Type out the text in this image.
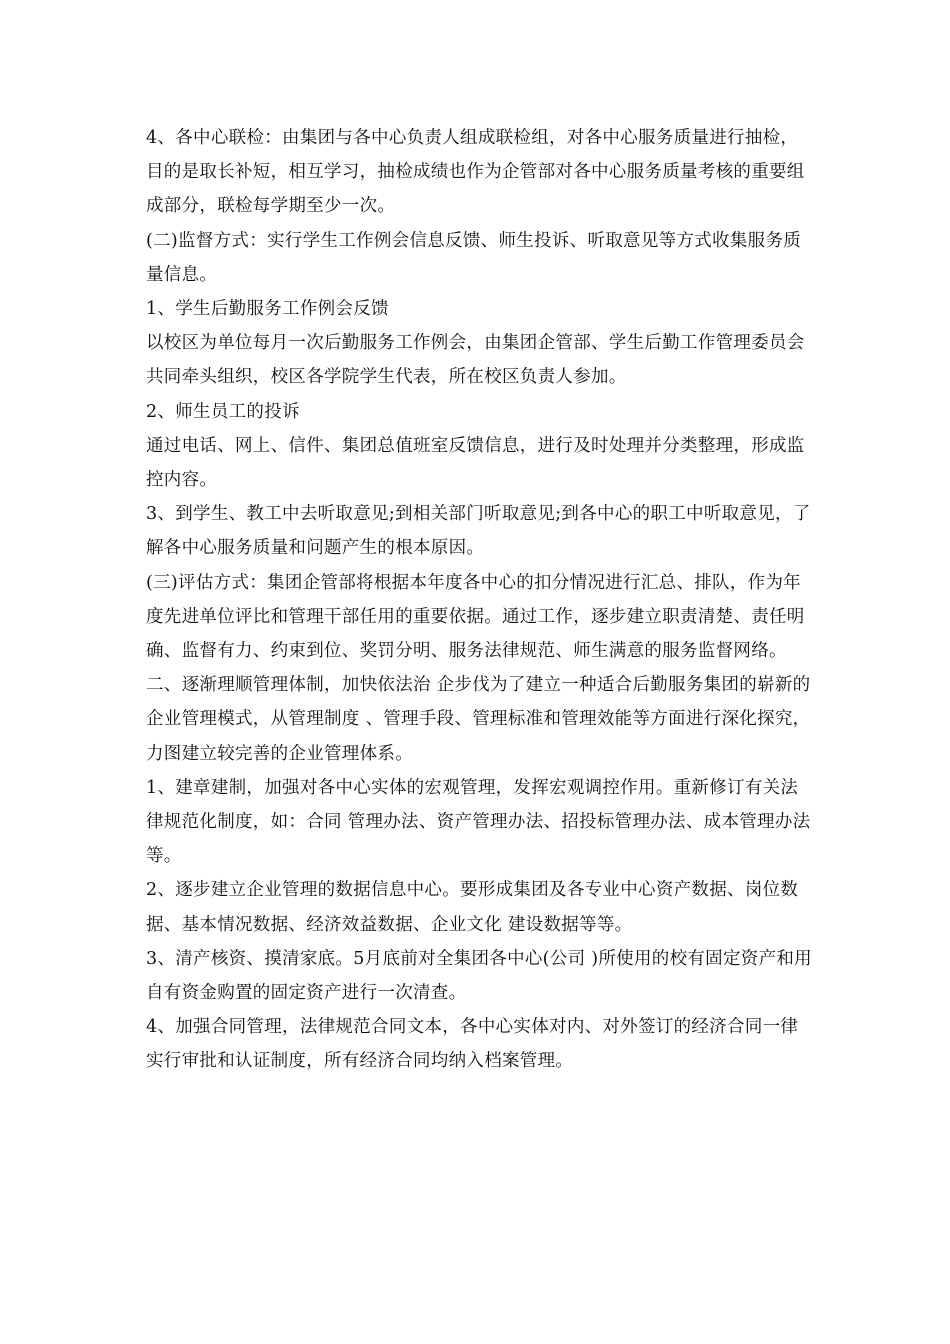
4、各中心联检：由集团与各中心负责人组成联检组，对各中心服务质量进行抽检，目的是取长补短，相互学习，抽检成绩也作为企管部对各中心服务质量考核的重要组成部分，联检每学期至少一次。

(二)监督方式：实行学生工作例会信息反馈、师生投诉、听取意见等方式收集服务质量信息。

1、学生后勤服务工作例会反馈

以校区为单位每月一次后勤服务工作例会，由集团企管部、学生后勤工作管理委员会共同牵头组织，校区各学院学生代表，所在校区负责人参加。

2、师生员工的投诉

通过电话、网上、信件、集团总值班室反馈信息，进行及时处理并分类整理，形成监控内容。

3、到学生、教工中去听取意见;到相关部门听取意见;到各中心的职工中听取意见，了解各中心服务质量和问题产生的根本原因。

(三)评估方式：集团企管部将根据本年度各中心的扣分情况进行汇总、排队，作为年度先进单位评比和管理干部任用的重要依据。通过工作，逐步建立职责清楚、责任明确、监督有力、约束到位、奖罚分明、服务法律规范、师生满意的服务监督网络。

二、逐渐理顺管理体制，加快依法治 企步伐为了建立一种适合后勤服务集团的崭新的企业管理模式，从管理制度 、管理手段、管理标准和管理效能等方面进行深化探究，力图建立较完善的企业管理体系。

1、建章建制，加强对各中心实体的宏观管理，发挥宏观调控作用。重新修订有关法律规范化制度，如：合同 管理办法、资产管理办法、招投标管理办法、成本管理办法等。

2、逐步建立企业管理的数据信息中心。要形成集团及各专业中心资产数据、岗位数据、基本情况数据、经济效益数据、企业文化 建设数据等等。

3、清产核资、摸清家底。5月底前对全集团各中心(公司 )所使用的校有固定资产和用自有资金购置的固定资产进行一次清查。

4、加强合同管理，法律规范合同文本，各中心实体对内、对外签订的经济合同一律实行审批和认证制度，所有经济合同均纳入档案管理。
